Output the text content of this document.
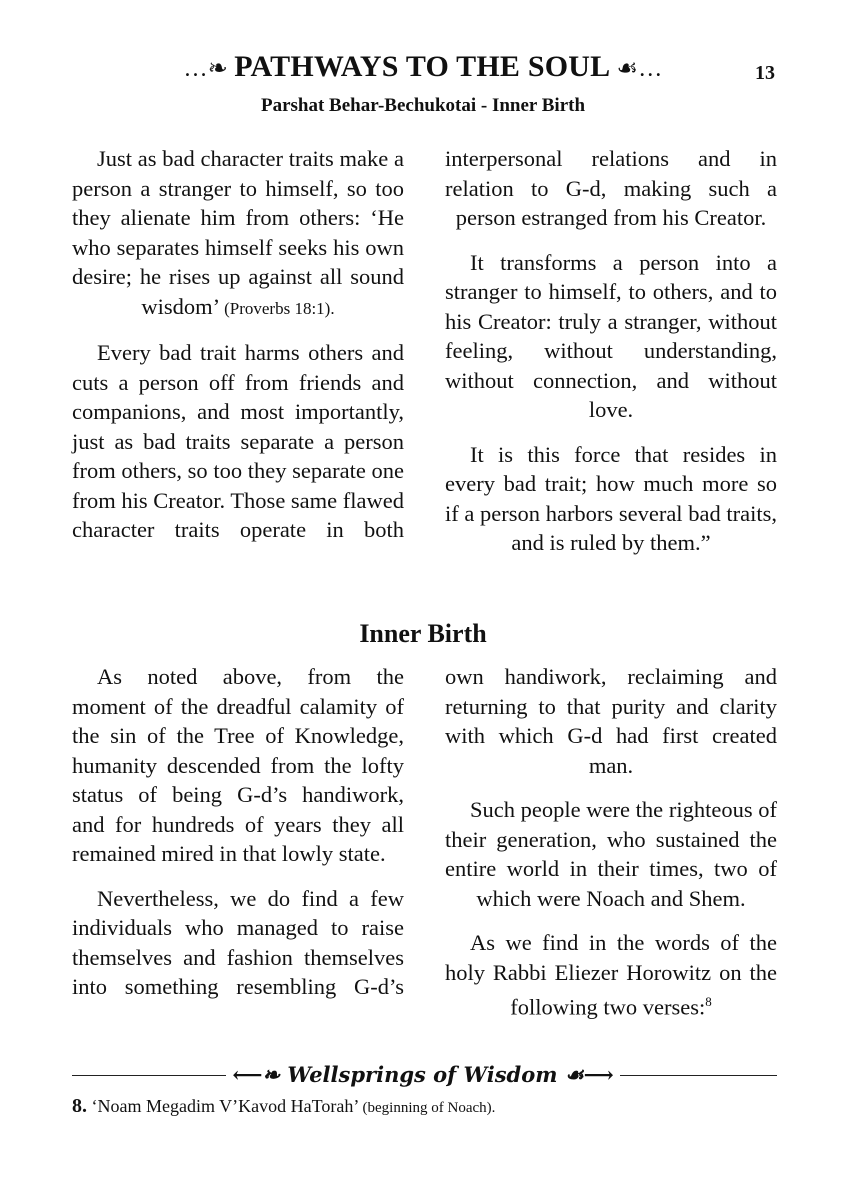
…❧ PATHWAYS TO THE SOUL ☙…	13
Parshat Behar-Bechukotai - Inner Birth

Just as bad character traits make a person a stranger to himself, so too they alienate him from others: ‘He who separates himself seeks his own desire; he rises up against all sound wisdom’ (Proverbs 18:1).

Every bad trait harms others and cuts a person off from friends and companions, and most importantly, just as bad traits separate a person from others, so too they separate one from his Creator. Those same flawed character traits operate in both

interpersonal relations and in relation to G-d, making such a person estranged from his Creator.

It transforms a person into a stranger to himself, to others, and to his Creator: truly a stranger, without feeling, without understanding, without connection, and without love.

It is this force that resides in every bad trait; how much more so if a person harbors several bad traits, and is ruled by them.”

Inner Birth

As noted above, from the moment of the dreadful calamity of the sin of the Tree of Knowledge, humanity descended from the lofty status of being G-d’s handiwork, and for hundreds of years they all remained mired in that lowly state.

Nevertheless, we do find a few individuals who managed to raise themselves and fashion themselves into something resembling G-d’s

own handiwork, reclaiming and returning to that purity and clarity with which G-d had first created man.

Such people were the righteous of their generation, who sustained the entire world in their times, two of which were Noach and Shem.

As we find in the words of the holy Rabbi Eliezer Horowitz on the following two verses:$^8$

⟵❧ Wellsprings of Wisdom ☙⟶
8. ‘Noam Megadim V’Kavod HaTorah’ (beginning of Noach).
